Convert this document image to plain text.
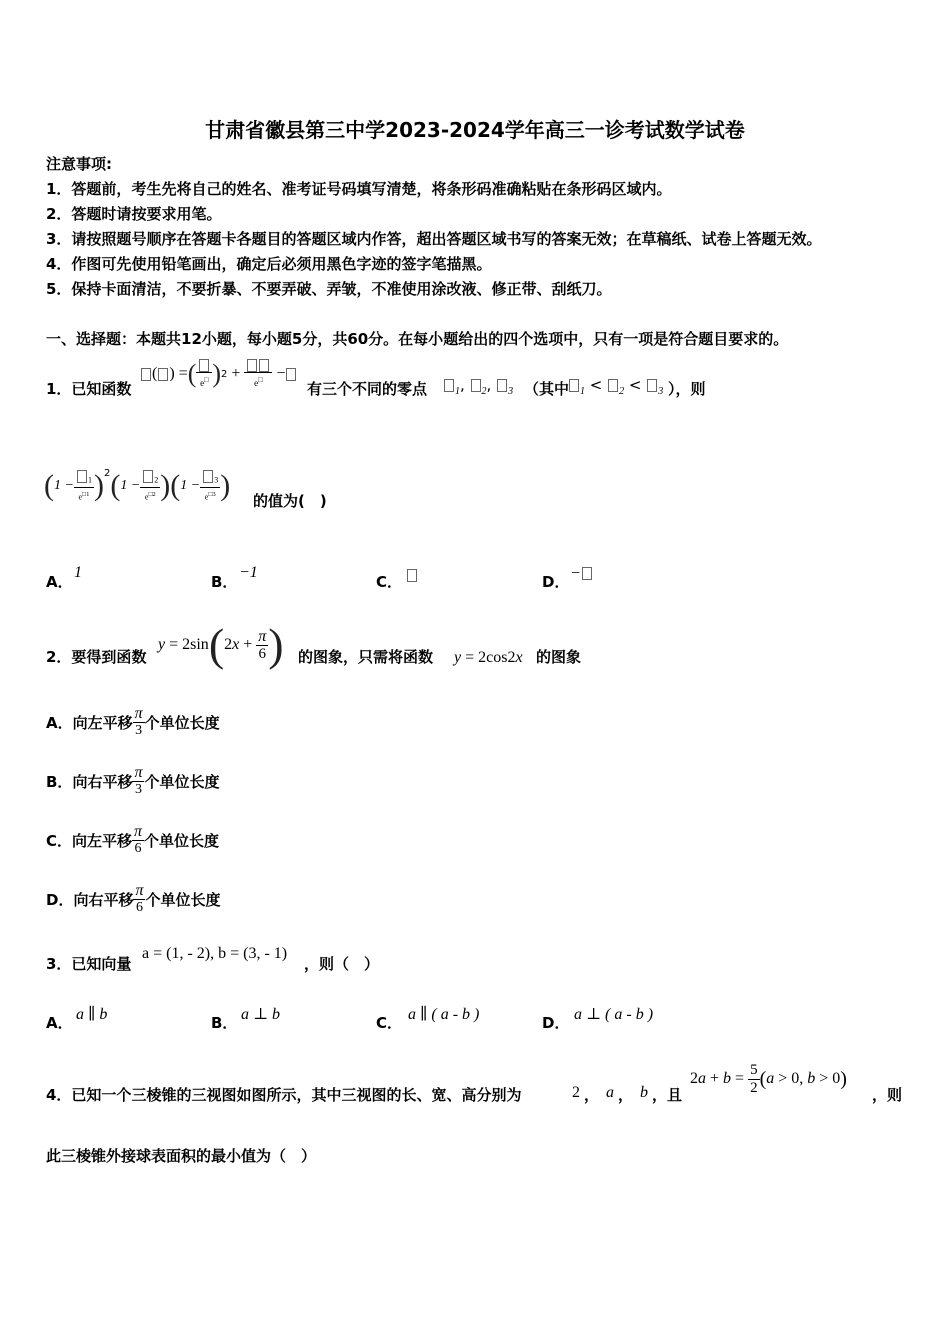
甘肃省徽县第三中学2023-2024学年高三一诊考试数学试卷
注意事项:
1．答题前，考生先将自己的姓名、准考证号码填写清楚，将条形码准确粘贴在条形码区域内。
2．答题时请按要求用笔。
3．请按照题号顺序在答题卡各题目的答题区域内作答，超出答题区域书写的答案无效；在草稿纸、试卷上答题无效。
4．作图可先使用铅笔画出，确定后必须用黑色字迹的签字笔描黑。
5．保持卡面清洁，不要折暴、不要弄破、弄皱，不准使用涂改液、修正带、刮纸刀。
一、选择题：本题共12小题，每小题5分，共60分。在每小题给出的四个选项中，只有一项是符合题目要求的。
1．已知函数
( ) = ( e□ ) 2 +
e□ −
有三个不同的零点	$_1$, $_2$, $_3$ （其中	$_1$ < $_2$ < $_3$ ），则
( $1 - \frac{_1}{e^{□1}} )^2$ ( $1 - \frac{_2}{e^{□2}}$ ) ( $1 - \frac{_3}{e^{□3}}$ ) 的值为(　)
A．
1
B．
−1
C．	D． −
2．要得到函数
y = 2sin ( 2 $x + \frac{\pi}{6}$ ) 的图象，只需将函数 y = 2cos2x 的图象
A． 向左平移 $\frac{\pi}{3}$ 个单位长度
B． 向右平移 $\frac{\pi}{3}$ 个单位长度
C． 向左平移 $\frac{\pi}{6}$ 个单位长度
D． 向右平移 $\frac{\pi}{6}$ 个单位长度
3．已知向量
a = (1, - 2), b = (3, - 1)
，则（　）
A． a ∥ b	B． a ⊥ b	C． a ∥ ( a - b )	D． a ⊥ ( a - b )
4．已知一个三棱锥的三视图如图所示，其中三视图的长、宽、高分别为	2 ， a ， b ，且
2 $a + b = \frac{5}{2}$ ( a > 0, b > 0 )
，则
此三棱锥外接球表面积的最小值为（　）
